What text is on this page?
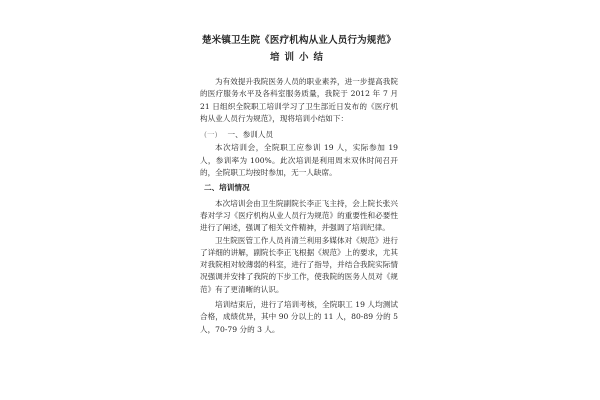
楚米镇卫生院《医疗机构从业人员行为规范》
培训小结

为有效提升我院医务人员的职业素养，进一步提高我院的医疗服务水平及各科室服务质量，我院于 2012 年 7 月 21 日组织全院职工培训学习了卫生部近日发布的《医疗机构从业人员行为规范》，现将培训小结如下：

(一) 一、参训人员

本次培训会，全院职工应参训 19 人，实际参加 19 人，参训率为 100%。此次培训是利用周末双休时间召开的，全院职工均按时参加，无一人缺席。

二、培训情况

本次培训会由卫生院副院长李正飞主持，会上院长张兴春对学习《医疗机构从业人员行为规范》的重要性和必要性进行了阐述，强调了相关文件精神，并强调了培训纪律。

卫生院医管工作人员肖清兰利用多媒体对《规范》进行了详细的讲解，副院长李正飞根据《规范》上的要求，尤其对我院相对较薄弱的科室，进行了指导，并结合我院实际情况强调并安排了我院的下步工作，使我院的医务人员对《规范》有了更清晰的认识。

培训结束后，进行了培训考核，全院职工 19 人均测试合格，成绩优异，其中 90 分以上的 11 人，80-89 分的 5 人，70-79 分的 3 人。
